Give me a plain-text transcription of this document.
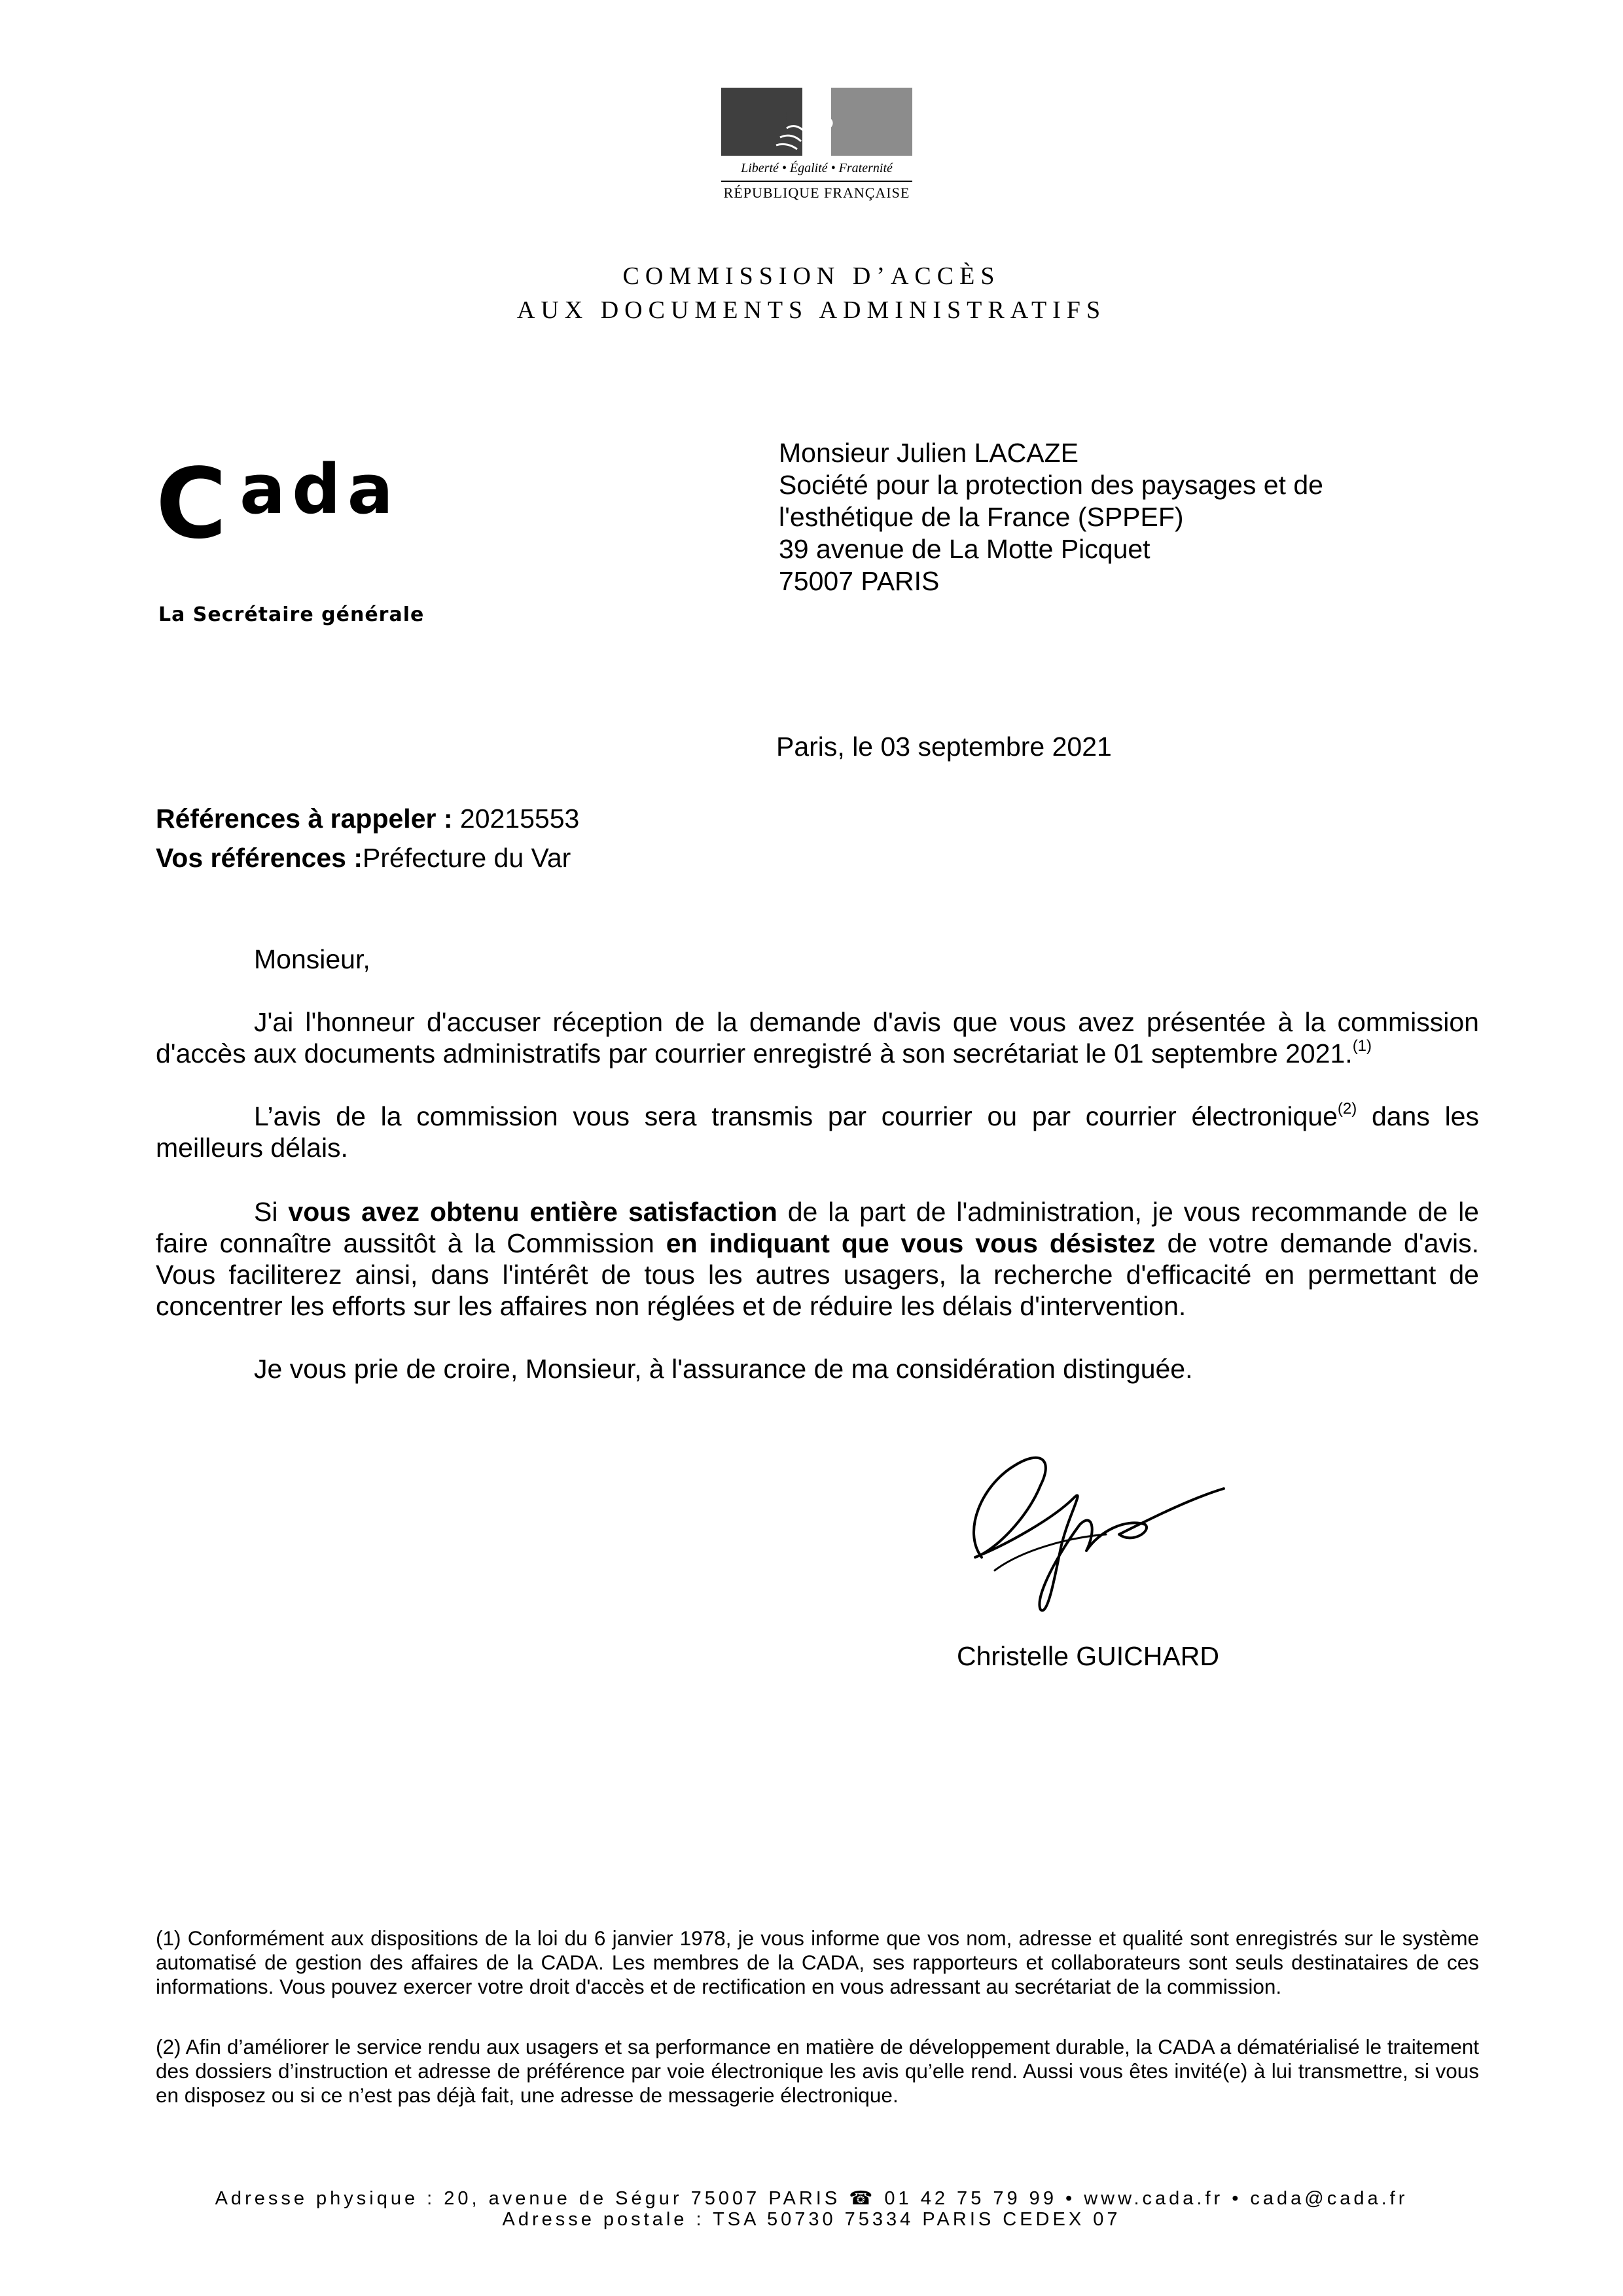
Liberté • Égalité • Fraternité
RÉPUBLIQUE FRANÇAISE
COMMISSION D’ACCÈS
AUX DOCUMENTS ADMINISTRATIFS
C ada
La Secrétaire générale
Monsieur Julien LACAZE
Société pour la protection des paysages et de
l'esthétique de la France (SPPEF)
39 avenue de La Motte Picquet
75007 PARIS
Paris, le 03 septembre 2021
Références à rappeler : 20215553
Vos références :Préfecture du Var
Monsieur,
J'ai l'honneur d'accuser réception de la demande d'avis que vous avez présentée à la commission d'accès aux documents administratifs par courrier enregistré à son secrétariat le 01 septembre 2021.$^{(1)}$
L’avis de la commission vous sera transmis par courrier ou par courrier électronique$^{(2)}$ dans les meilleurs délais.
Si vous avez obtenu entière satisfaction de la part de l'administration, je vous recommande de le faire connaître aussitôt à la Commission en indiquant que vous vous désistez de votre demande d'avis. Vous faciliterez ainsi, dans l'intérêt de tous les autres usagers, la recherche d'efficacité en permettant de concentrer les efforts sur les affaires non réglées et de réduire les délais d'intervention.
Je vous prie de croire, Monsieur, à l'assurance de ma considération distinguée.
Christelle GUICHARD
(1) Conformément aux dispositions de la loi du 6 janvier 1978, je vous informe que vos nom, adresse et qualité sont enregistrés sur le système automatisé de gestion des affaires de la CADA. Les membres de la CADA, ses rapporteurs et collaborateurs sont seuls destinataires de ces informations. Vous pouvez exercer votre droit d'accès et de rectification en vous adressant au secrétariat de la commission.
(2) Afin d’améliorer le service rendu aux usagers et sa performance en matière de développement durable, la CADA a dématérialisé le traitement des dossiers d’instruction et adresse de préférence par voie électronique les avis qu’elle rend. Aussi vous êtes invité(e) à lui transmettre, si vous en disposez ou si ce n’est pas déjà fait, une adresse de messagerie électronique.
Adresse physique : 20, avenue de Ségur 75007 PARIS ☎ 01 42 75 79 99 • www.cada.fr • cada@cada.fr
Adresse postale : TSA 50730 75334 PARIS CEDEX 07
